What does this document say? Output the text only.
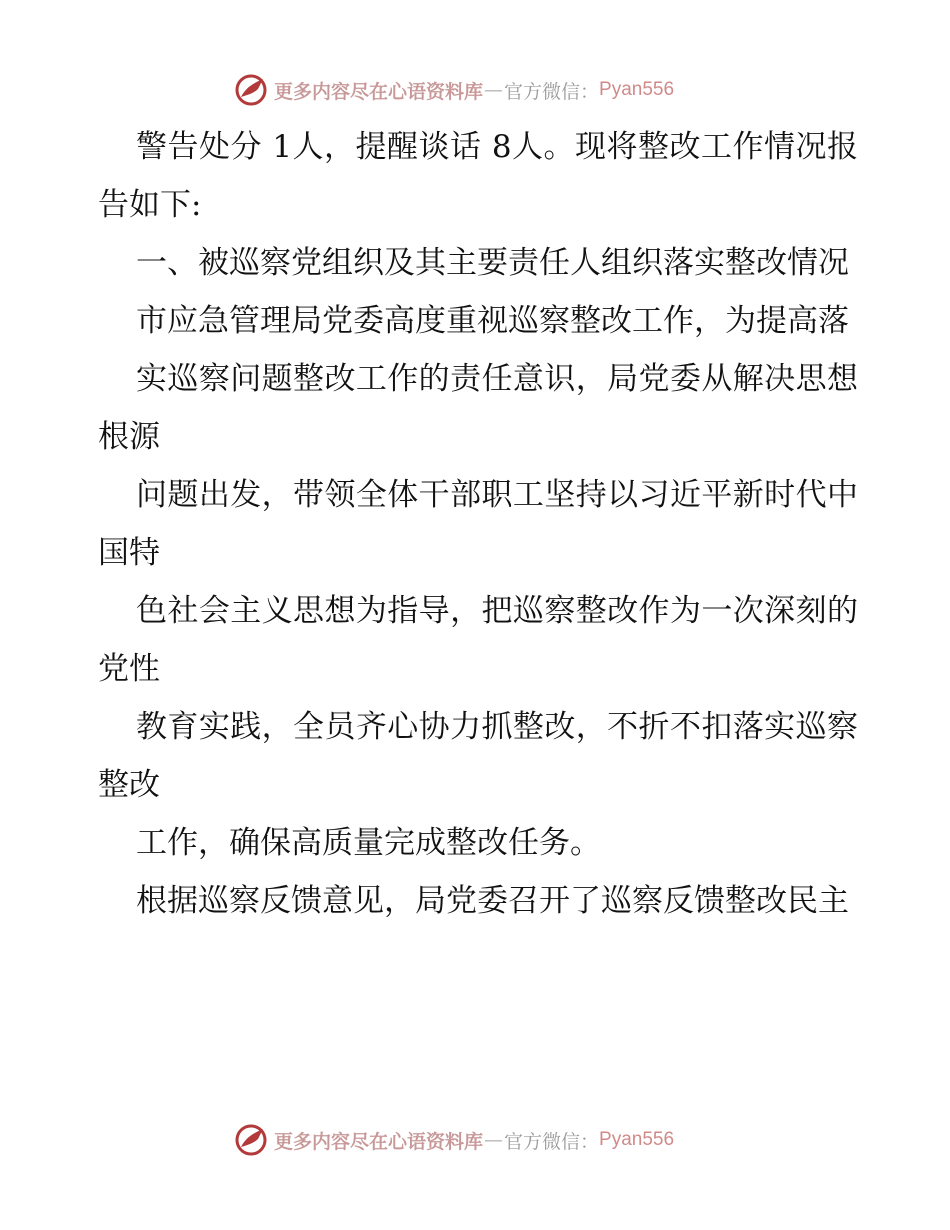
更多内容尽在心语资料库 — 官方微信： Pyan556

警告处分 1人，提醒谈话 8人。现将整改工作情况报告如下:

一、被巡察党组织及其主要责任人组织落实整改情况

市应急管理局党委高度重视巡察整改工作，为提高落

实巡察问题整改工作的责任意识，局党委从解决思想根源

问题出发，带领全体干部职工坚持以习近平新时代中国特

色社会主义思想为指导，把巡察整改作为一次深刻的党性

教育实践，全员齐心协力抓整改，不折不扣落实巡察整改

工作，确保高质量完成整改任务。

根据巡察反馈意见，局党委召开了巡察反馈整改民主

更多内容尽在心语资料库 — 官方微信： Pyan556
